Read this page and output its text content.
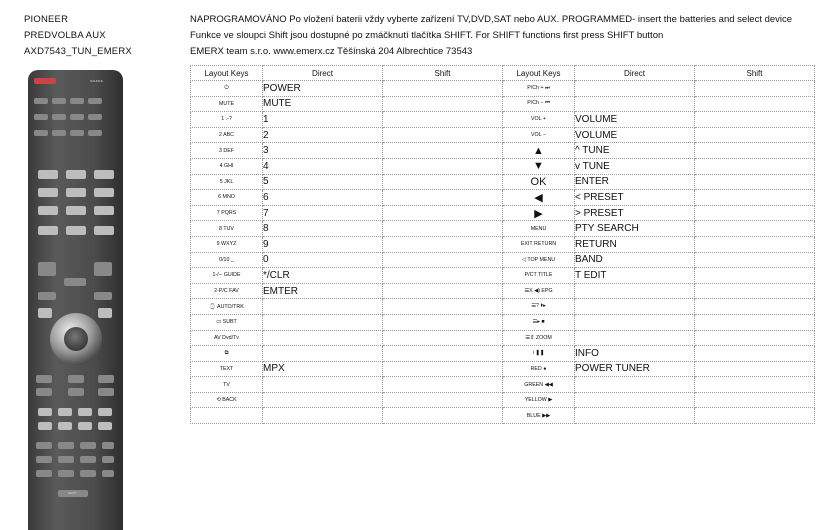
PIONEER
PREDVOLBA AUX
AXD7543_TUN_EMERX
NAPROGRAMOVÁNO Po vložení baterii vždy vyberte zařízení TV,DVD,SAT nebo AUX. PROGRAMMED- insert the batteries and select device
Funkce ve sloupci Shift jsou dostupné po zmáčknutí tlačítka SHIFT. For SHIFT functions first press SHIFT button
EMERX team s.r.o. www.emerx.cz Těšínská 204 Albrechtice 73543
SOURCE
SHIFT
Layout Keys	Direct	Shift	Layout Keys	Direct	Shift
⏻	POWER		P/Ch + ⏭		
MUTE	MUTE		P/Ch − ⏮		
1 .-?	1		VOL +	VOLUME	
2 ABC	2		VOL −	VOLUME	
3 DEF	3		▲	^ TUNE	
4 GHI	4		▼	v TUNE	
5 JKL	5		OK	ENTER	
6 MNO	6		◀	< PRESET	
7 PQRS	7		▶	> PRESET	
8 TUV	8		MENU	PTY SEARCH	
9 WXYZ	9		EXIT RETURN	RETURN	
0/10 _	0		◁ TOP MENU	BAND	
1-/-- GUIDE	*/CLR		P/CT TITLE	T EDIT	
2-P/C FAV	EMTER		☰X ◀) EPG		
⌚ AUTO/TRK			☰? ⏵▸		
▭ SUBT			☰▸ ■		
AV Dvd/Tv			☰⇕ ZOOM		
⧉			i ❚❚	INFO	
TEXT	MPX		RED ●	POWER TUNER	
TV			GREEN ◀◀		
⟲ BACK			YELLOW ▶		
			BLUE ▶▶		
